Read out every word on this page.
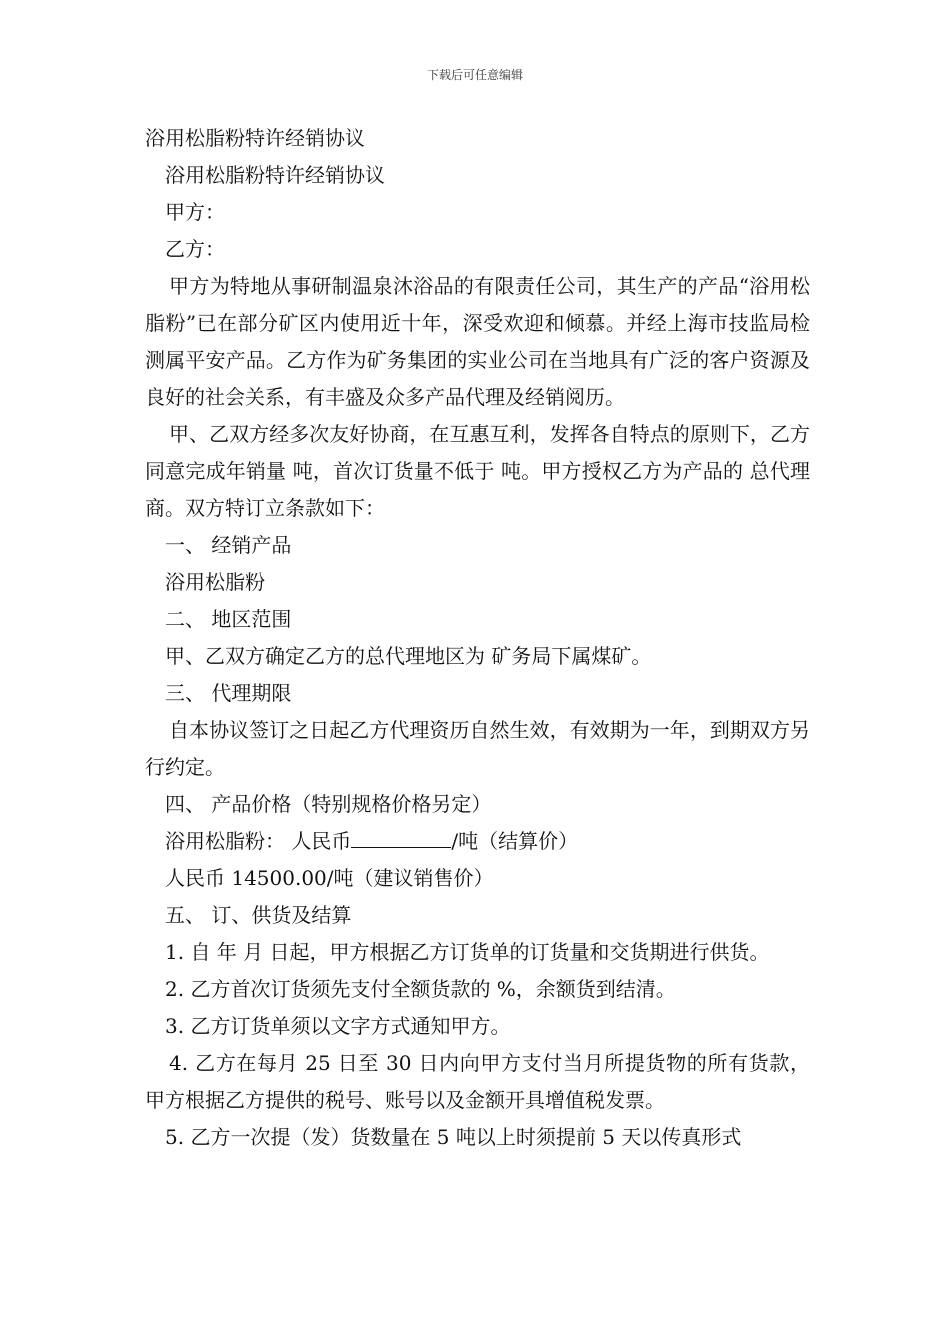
下载后可任意编辑
浴用松脂粉特许经销协议
浴用松脂粉特许经销协议
甲方：
乙方：

甲方为特地从事研制温泉沐浴品的有限责任公司，其生产的产品“浴用松脂粉”已在部分矿区内使用近十年，深受欢迎和倾慕。并经上海市技监局检测属平安产品。乙方作为矿务集团的实业公司在当地具有广泛的客户资源及良好的社会关系，有丰盛及众多产品代理及经销阅历。

甲、乙双方经多次友好协商，在互惠互利，发挥各自特点的原则下，乙方同意完成年销量 吨，首次订货量不低于 吨。甲方授权乙方为产品的 总代理商。双方特订立条款如下：

一、 经销产品
浴用松脂粉
二、 地区范围
甲、乙双方确定乙方的总代理地区为 矿务局下属煤矿。
三、 代理期限

自本协议签订之日起乙方代理资历自然生效，有效期为一年，到期双方另行约定。

四、 产品价格（特别规格价格另定）
浴用松脂粉： 人民币	/吨（结算价）
人民币 14500.00/吨（建议销售价）
五、 订、供货及结算
1. 自 年 月 日起，甲方根据乙方订货单的订货量和交货期进行供货。
2. 乙方首次订货须先支付全额货款的 %，余额货到结清。
3. 乙方订货单须以文字方式通知甲方。

4. 乙方在每月 25 日至 30 日内向甲方支付当月所提货物的所有货款，甲方根据乙方提供的税号、账号以及金额开具增值税发票。

5. 乙方一次提（发）货数量在 5 吨以上时须提前 5 天以传真形式
